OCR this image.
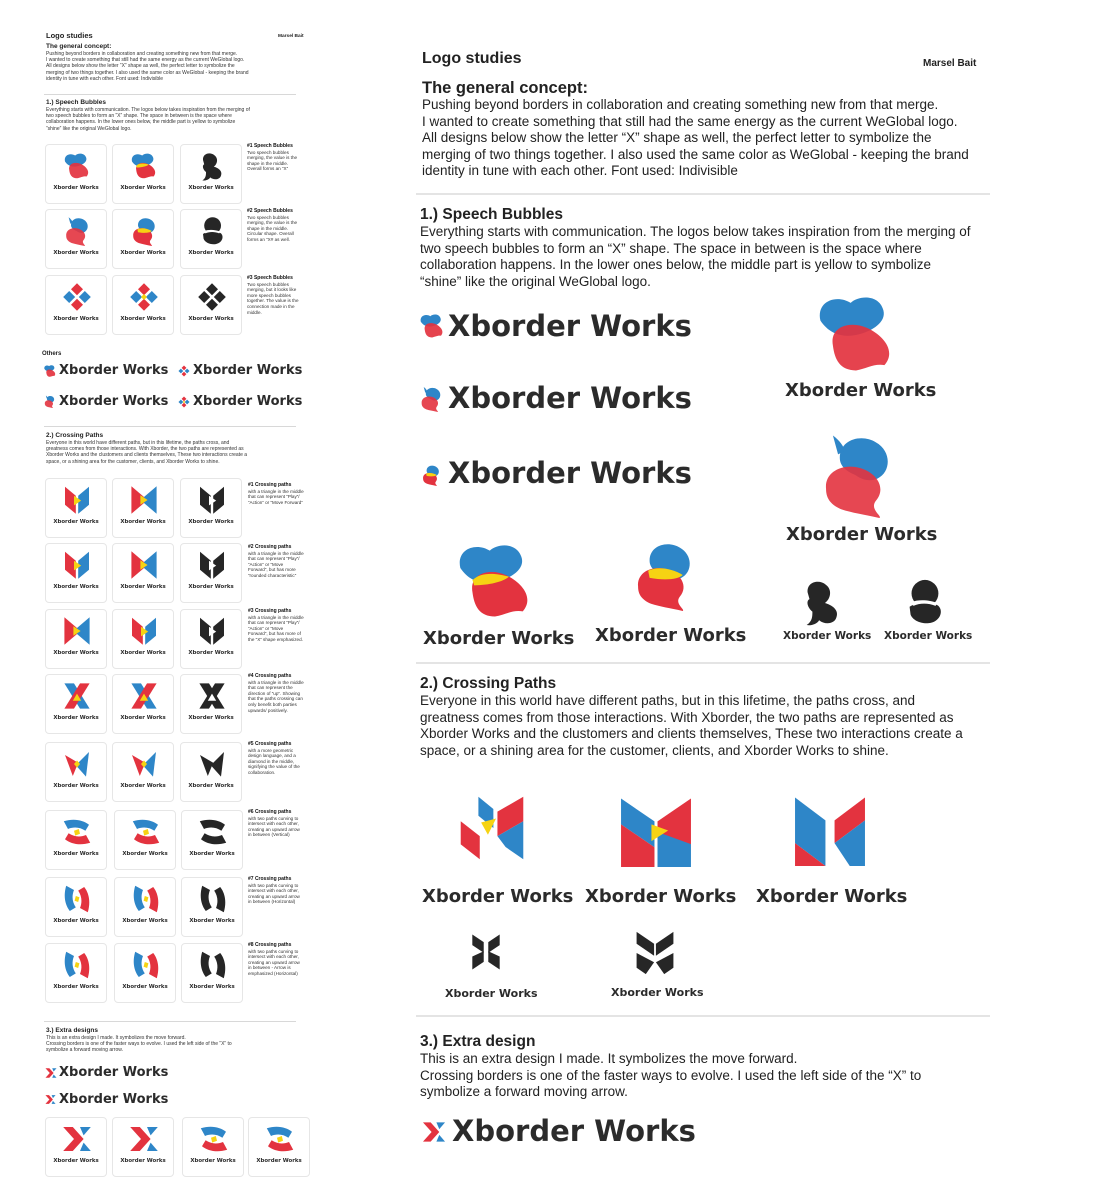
Logo studies	Marsel Bait
The general concept:
Pushing beyond borders in collaboration and creating something new from that merge.
I wanted to create something that still had the same energy as the current WeGlobal logo.
All designs below show the letter “X” shape as well, the perfect letter to symbolize the
merging of two things together. I also used the same color as WeGlobal - keeping the brand
identity in tune with each other. Font used: Indivisible
1.) Speech Bubbles
Everything starts with communication. The logos below takes inspiration from the merging of
two speech bubbles to form an “X” shape. The space in between is the space where
collaboration happens. In the lower ones below, the middle part is yellow to symbolize
“shine” like the original WeGlobal logo.
Xborder Works	Xborder Works	Xborder Works
#1 Speech Bubbles
Two speech bubbles merging, the value is the shape in the middle. Overall forms an “X”
Xborder Works	Xborder Works	Xborder Works
#2 Speech Bubbles
Two speech bubbles merging, the value is the shape in the middle. Circular shape. Overall forms an “X# as well.
Xborder Works	Xborder Works	Xborder Works
#3 Speech Bubbles
Two speech bubbles merging, but it looks like more speech bubbles together. The value is the connection made in the middle.
Others
Xborder Works Xborder Works
Xborder Works Xborder Works
2.) Crossing Paths
Everyone in this world have different paths, but in this lifetime, the paths cross, and
greatness comes from those interactions. With Xborder, the two paths are represented as
Xborder Works and the clustomers and clients themselves, These two interactions create a
space, or a shining area for the customer, clients, and Xborder Works to shine.
Xborder Works	Xborder Works	Xborder Works
#1 Crossing paths
with a triangle in the middle that can represent “Play”/ “Action” or “Move Forward”
Xborder Works	Xborder Works	Xborder Works
#2 Crossing paths
with a triangle in the middle that can represent “Play”/ “Action” or “Move Forward”, but has more “rounded characteristic”
Xborder Works	Xborder Works	Xborder Works
#3 Crossing paths
with a triangle in the middle that can represent “Play”/ “Action” or “Move Forward”, but has more of the “X” shape emphasized.
Xborder Works	Xborder Works	Xborder Works
#4 Crossing paths
with a triangle in the middle that can represent the direction of “up”. Showing that the paths crossing can only benefit both parties upwards/ positively.
Xborder Works	Xborder Works	Xborder Works
#5 Crossing paths
with a more geometric design language, and a diamond in the middle, signifying the value of the collaboration.
Xborder Works	Xborder Works	Xborder Works
#6 Crossing paths
with two paths curving to intersect with each other, creating an upward arrow in between (Vertical)
Xborder Works	Xborder Works	Xborder Works
#7 Crossing paths
with two paths curving to intersect with each other, creating an upward arrow in between (Horizontal)
Xborder Works	Xborder Works	Xborder Works
#8 Crossing paths
with two paths curving to intersect with each other, creating an upward arrow in between - Arrow is emphasized (Horizontal)
3.) Extra designs
This is an extra design I made. It symbolizes the move forward.
Crossing borders is one of the faster ways to evolve. I used the left side of the “X” to
symbolize a forward moving arrow.
Xborder Works
Xborder Works
Xborder Works	Xborder Works	Xborder Works	Xborder Works
Logo studies	Marsel Bait
The general concept:
Pushing beyond borders in collaboration and creating something new from that merge.
I wanted to create something that still had the same energy as the current WeGlobal logo.
All designs below show the letter “X” shape as well, the perfect letter to symbolize the
merging of two things together. I also used the same color as WeGlobal - keeping the brand
identity in tune with each other. Font used: Indivisible
1.) Speech Bubbles
Everything starts with communication. The logos below takes inspiration from the merging of
two speech bubbles to form an “X” shape. The space in between is the space where
collaboration happens. In the lower ones below, the middle part is yellow to symbolize
“shine” like the original WeGlobal logo.
Xborder Works
Xborder Works
Xborder Works
Xborder Works
Xborder Works
Xborder Works Xborder Works	Xborder Works Xborder Works
2.) Crossing Paths
Everyone in this world have different paths, but in this lifetime, the paths cross, and
greatness comes from those interactions. With Xborder, the two paths are represented as
Xborder Works and the clustomers and clients themselves, These two interactions create a
space, or a shining area for the customer, clients, and Xborder Works to shine.
Xborder Works Xborder Works Xborder Works
Xborder Works	Xborder Works
3.) Extra design
This is an extra design I made. It symbolizes the move forward.
Crossing borders is one of the faster ways to evolve. I used the left side of the “X” to
symbolize a forward moving arrow.
Xborder Works
